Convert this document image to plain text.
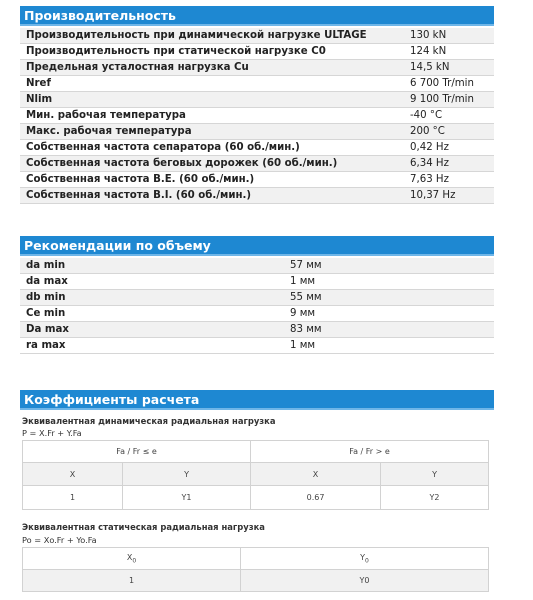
Производительность
Производительность при динамической нагрузке ULTAGE	130 kN
Производительность при статической нагрузке C0	124 kN
Предельная усталостная нагрузка Cu	14,5 kN
Nref	6 700 Tr/min
Nlim	9 100 Tr/min
Мин. рабочая температура	-40 °C
Макс. рабочая температура	200 °C
Собственная частота сепаратора (60 об./мин.)	0,42 Hz
Собственная частота беговых дорожек (60 об./мин.)	6,34 Hz
Собственная частота B.E. (60 об./мин.)	7,63 Hz
Собственная частота B.I. (60 об./мин.)	10,37 Hz
Рекомендации по объему
da min	57 мм
da max	1 мм
db min	55 мм
Ce min	9 мм
Da max	83 мм
ra max	1 мм
Коэффициенты расчета
Эквивалентная динамическая радиальная нагрузка
P = X.Fr + Y.Fa
Fa / Fr ≤ e		Fa / Fr > e	
X	Y	X	Y
1	Y1	0.67	Y2
Эквивалентная статическая радиальная нагрузка
Po = Xo.Fr + Yo.Fa
$X_0$	$Y_0$
1	Y0
